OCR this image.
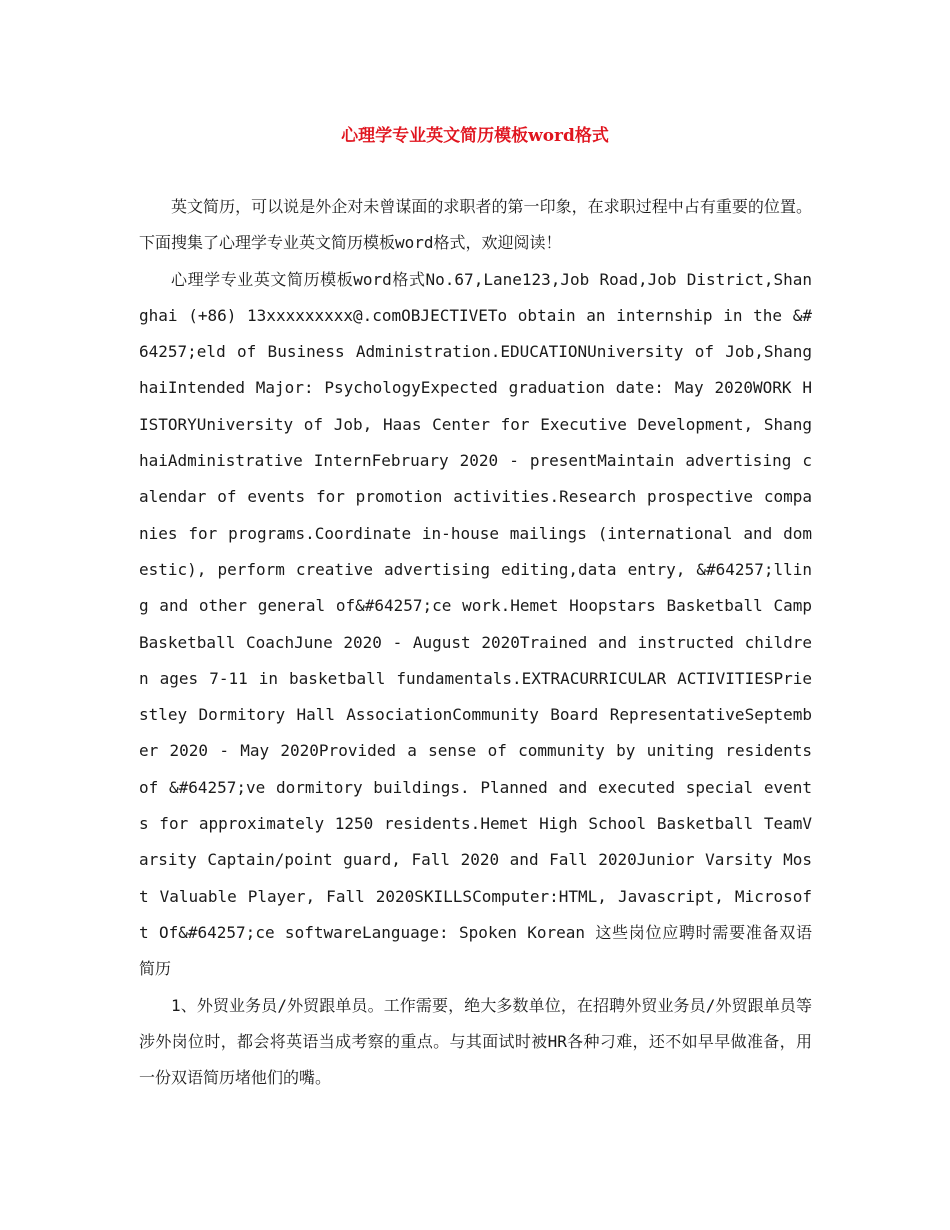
心理学专业英文简历模板word格式

英文简历，可以说是外企对未曾谋面的求职者的第一印象，在求职过程中占有重要的位置。下面搜集了心理学专业英文简历模板word格式，欢迎阅读！

心理学专业英文简历模板word格式No.67,Lane123,Job Road,Job District,Shanghai (+86) 13xxxxxxxxx@.comOBJECTIVETo obtain an internship in the &#64257;eld of Business Administration.EDUCATIONUniversity of Job,ShanghaiIntended Major: PsychologyExpected graduation date: May 2020WORK HISTORYUniversity of Job, Haas Center for Executive Development, ShanghaiAdministrative InternFebruary 2020 - presentMaintain advertising calendar of events for promotion activities.Research prospective companies for programs.Coordinate in-house mailings (international and domestic), perform creative advertising editing,data entry, &#64257;lling and other general of&#64257;ce work.Hemet Hoopstars Basketball CampBasketball CoachJune 2020 - August 2020Trained and instructed children ages 7-11 in basketball fundamentals.EXTRACURRICULAR ACTIVITIESPriestley Dormitory Hall AssociationCommunity Board RepresentativeSeptember 2020 - May 2020Provided a sense of community by uniting residents of &#64257;ve dormitory buildings. Planned and executed special events for approximately 1250 residents.Hemet High School Basketball TeamVarsity Captain/point guard, Fall 2020 and Fall 2020Junior Varsity Most Valuable Player, Fall 2020SKILLSComputer:HTML, Javascript, Microsoft Of&#64257;ce softwareLanguage: Spoken Korean 这些岗位应聘时需要准备双语简历

1、外贸业务员/外贸跟单员。工作需要，绝大多数单位，在招聘外贸业务员/外贸跟单员等涉外岗位时，都会将英语当成考察的重点。与其面试时被HR各种刁难，还不如早早做准备，用一份双语简历堵他们的嘴。
